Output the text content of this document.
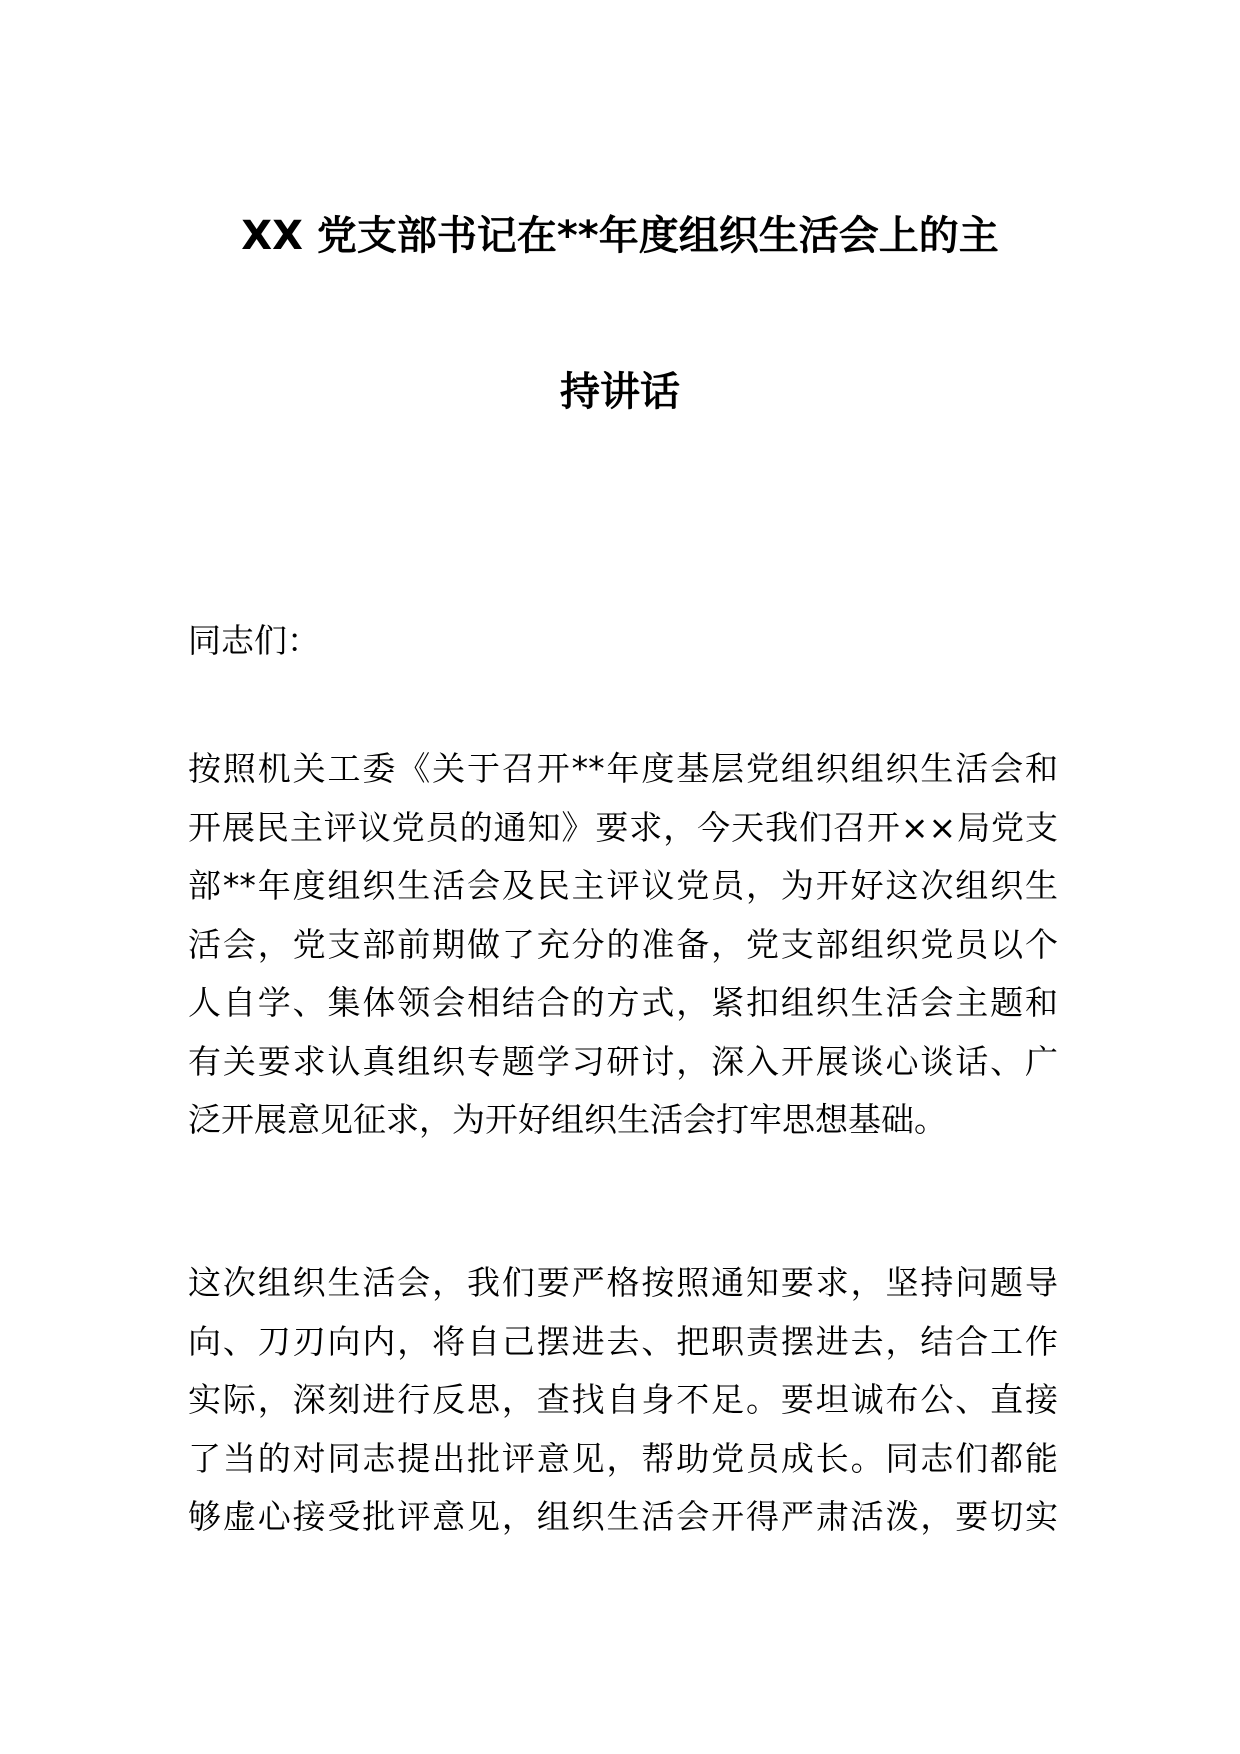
XX 党支部书记在**年度组织生活会上的主
持讲话
同志们：
按照机关工委《关于召开**年度基层党组织组织生活会和
开展民主评议党员的通知》要求，今天我们召开××局党支
部**年度组织生活会及民主评议党员，为开好这次组织生
活会，党支部前期做了充分的准备，党支部组织党员以个
人自学、集体领会相结合的方式，紧扣组织生活会主题和
有关要求认真组织专题学习研讨，深入开展谈心谈话、广
泛开展意见征求，为开好组织生活会打牢思想基础。
这次组织生活会，我们要严格按照通知要求，坚持问题导
向、刀刃向内，将自己摆进去、把职责摆进去，结合工作
实际，深刻进行反思，查找自身不足。要坦诚布公、直接
了当的对同志提出批评意见，帮助党员成长。同志们都能
够虚心接受批评意见，组织生活会开得严肃活泼，要切实
